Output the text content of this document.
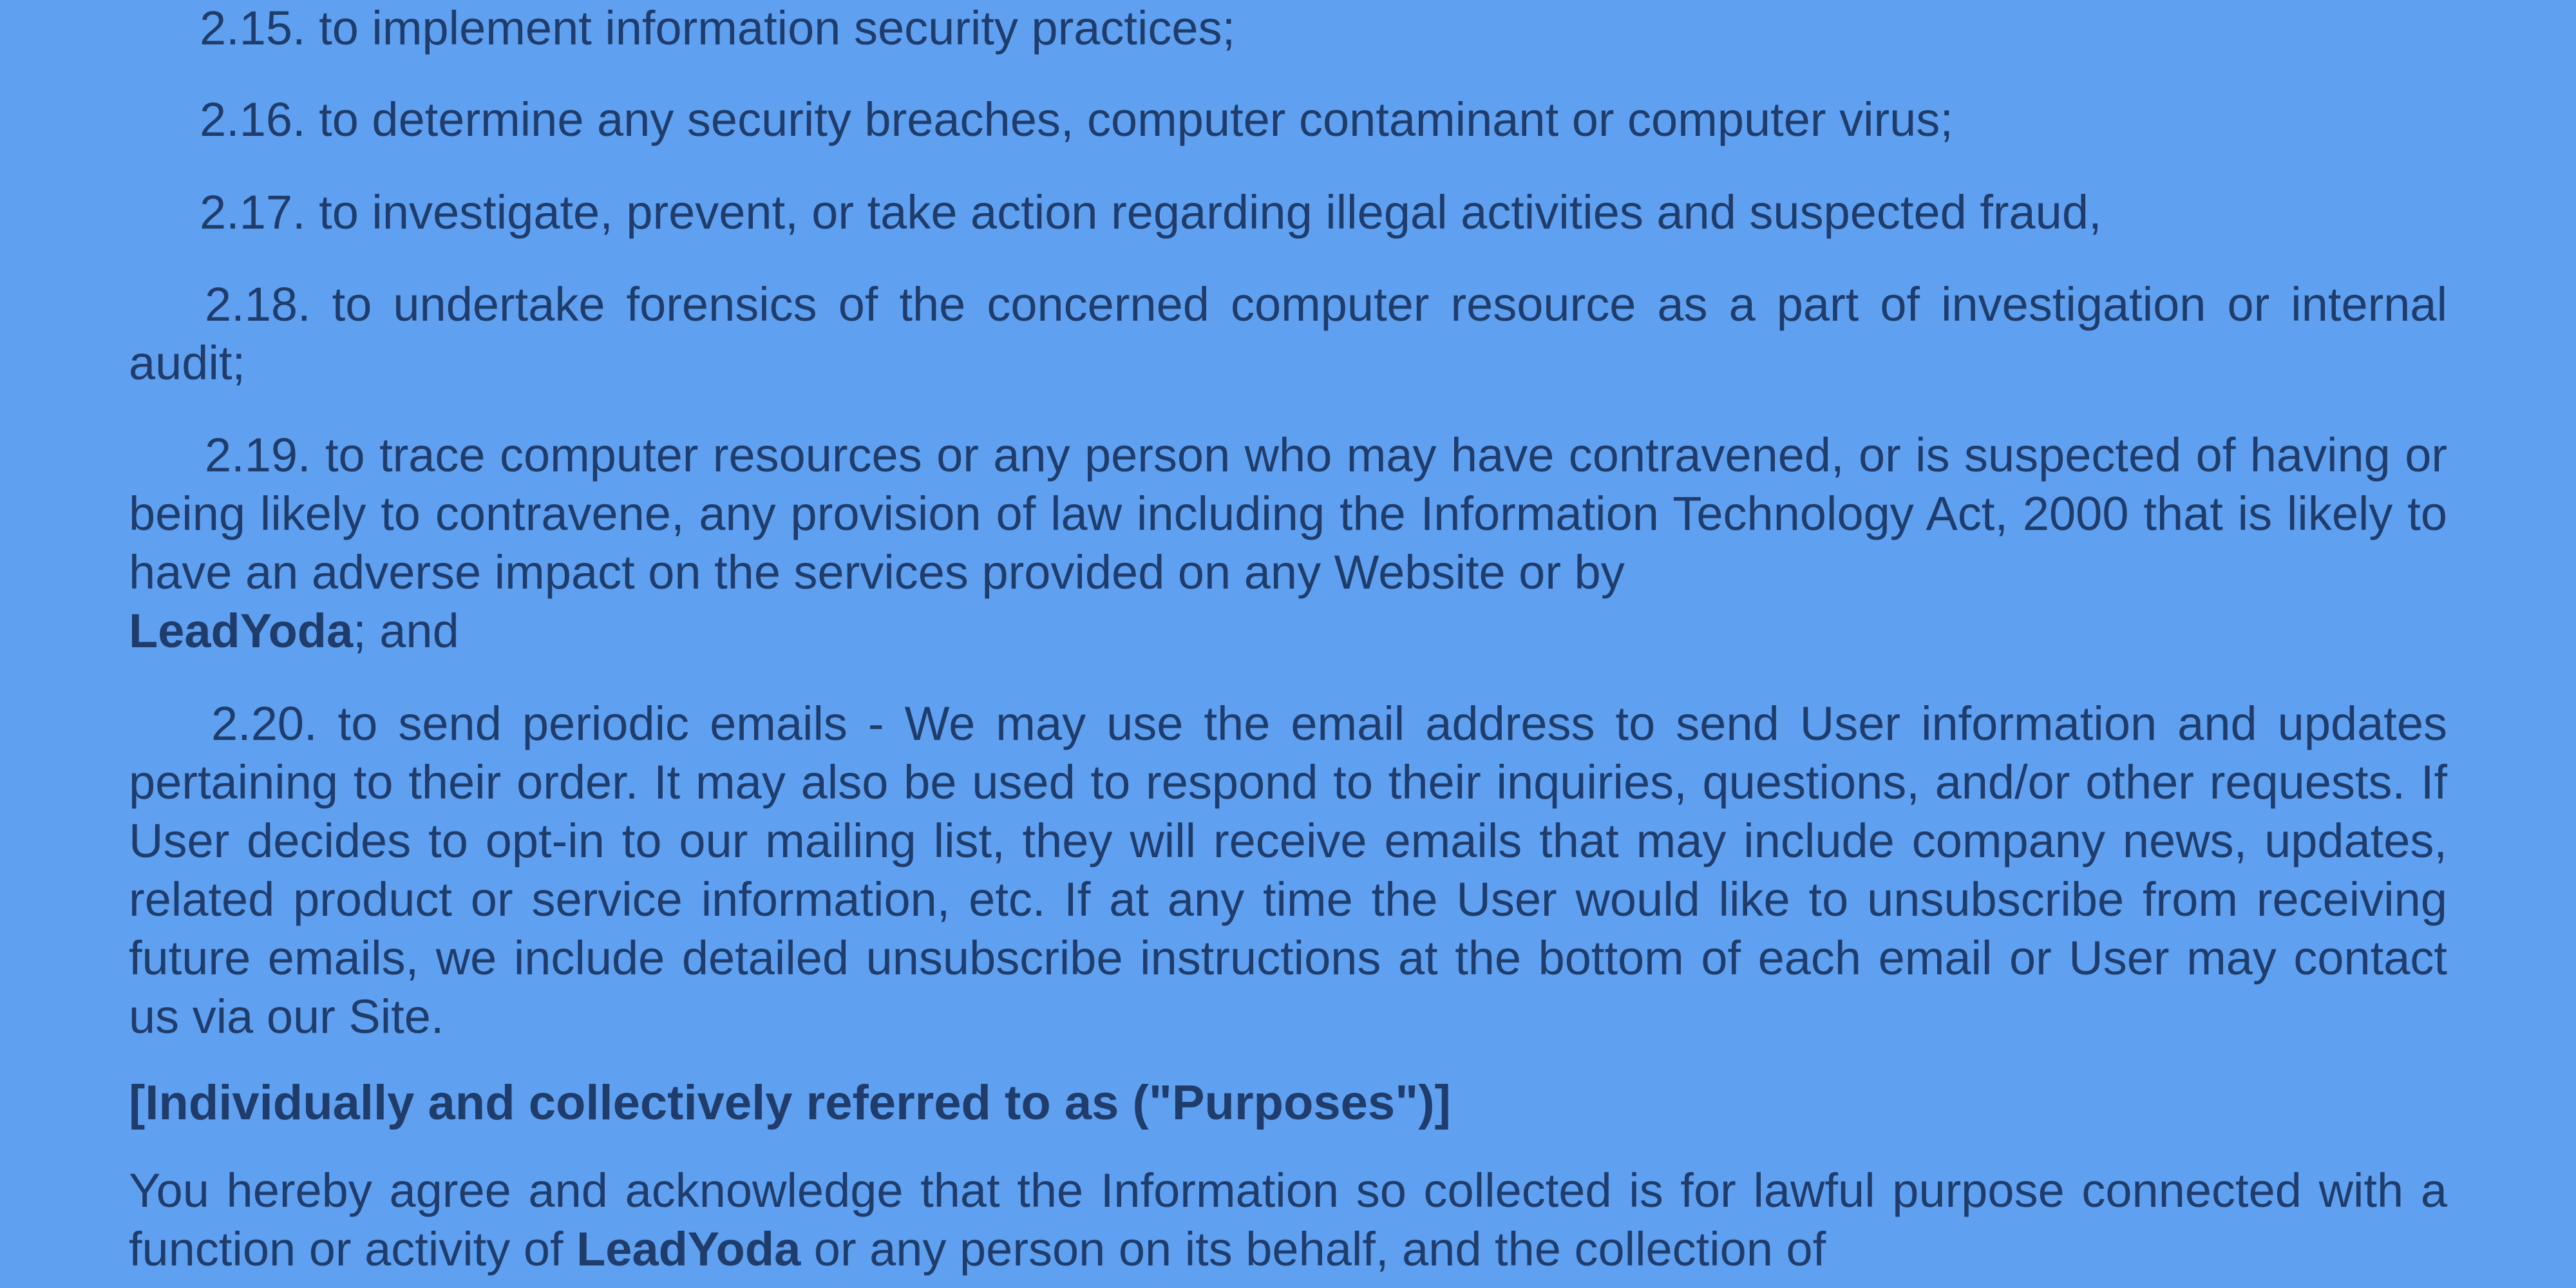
2.15. to implement information security practices;

2.16. to determine any security breaches, computer contaminant or computer virus;

2.17. to investigate, prevent, or take action regarding illegal activities and suspected fraud,

2.18. to undertake forensics of the concerned computer resource as a part of investigation or internal audit;

2.19. to trace computer resources or any person who may have contravened, or is suspected of having or being likely to contravene, any provision of law including the Information Technology Act, 2000 that is likely to have an adverse impact on the services provided on any Website or by
LeadYoda; and

2.20. to send periodic emails - We may use the email address to send User information and updates pertaining to their order. It may also be used to respond to their inquiries, questions, and/or other requests. If User decides to opt-in to our mailing list, they will receive emails that may include company news, updates, related product or service information, etc. If at any time the User would like to unsubscribe from receiving future emails, we include detailed unsubscribe instructions at the bottom of each email or User may contact us via our Site.

[Individually and collectively referred to as ("Purposes")]

You hereby agree and acknowledge that the Information so collected is for lawful purpose connected with a function or activity of LeadYoda or any person on its behalf, and the collection of
